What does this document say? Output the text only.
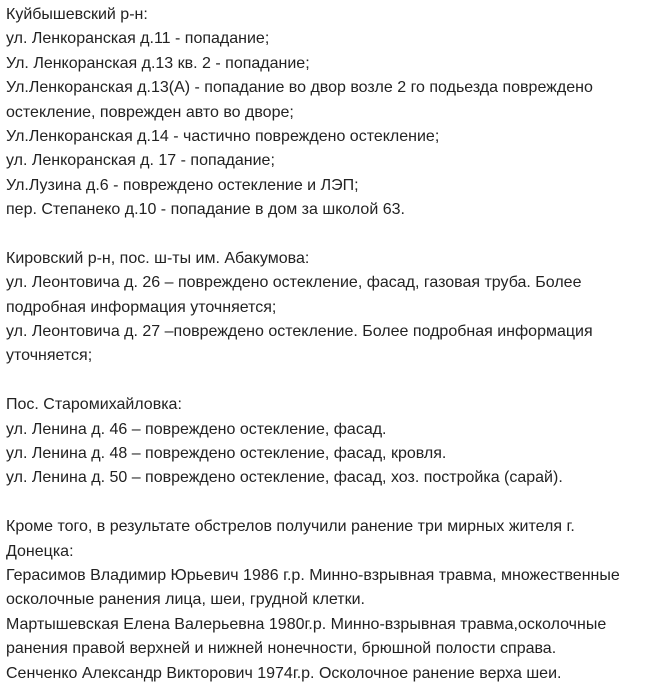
Куйбышевский р-н:
ул. Ленкоранская д.11 - попадание;
Ул. Ленкоранская д.13 кв. 2 - попадание;
Ул.Ленкоранская д.13(А) - попадание во двор возле 2 го подьезда повреждено
остекление, поврежден авто во дворе;
Ул.Ленкоранская д.14 - частично повреждено остекление;
ул. Ленкоранская д. 17 - попадание;
Ул.Лузина д.6 - повреждено остекление и ЛЭП;
пер. Степанеко д.10 - попадание в дом за школой 63.
Кировский р-н, пос. ш-ты им. Абакумова:
ул. Леонтовича д. 26 – повреждено остекление, фасад, газовая труба. Более
подробная информация уточняется;
ул. Леонтовича д. 27 –повреждено остекление. Более подробная информация
уточняется;
Пос. Старомихайловка:
ул. Ленина д. 46 – повреждено остекление, фасад.
ул. Ленина д. 48 – повреждено остекление, фасад, кровля.
ул. Ленина д. 50 – повреждено остекление, фасад, хоз. постройка (сарай).
Кроме того, в результате обстрелов получили ранение три мирных жителя г.
Донецка:
Герасимов Владимир Юрьевич 1986 г.р. Минно-взрывная травма, множественные
осколочные ранения лица, шеи, грудной клетки.
Мартышевская Елена Валерьевна 1980г.р. Минно-взрывная травма,осколочные
ранения правой верхней и нижней нонечности, брюшной полости справа.
Сенченко Александр Викторович 1974г.р. Осколочное ранение верха шеи.
